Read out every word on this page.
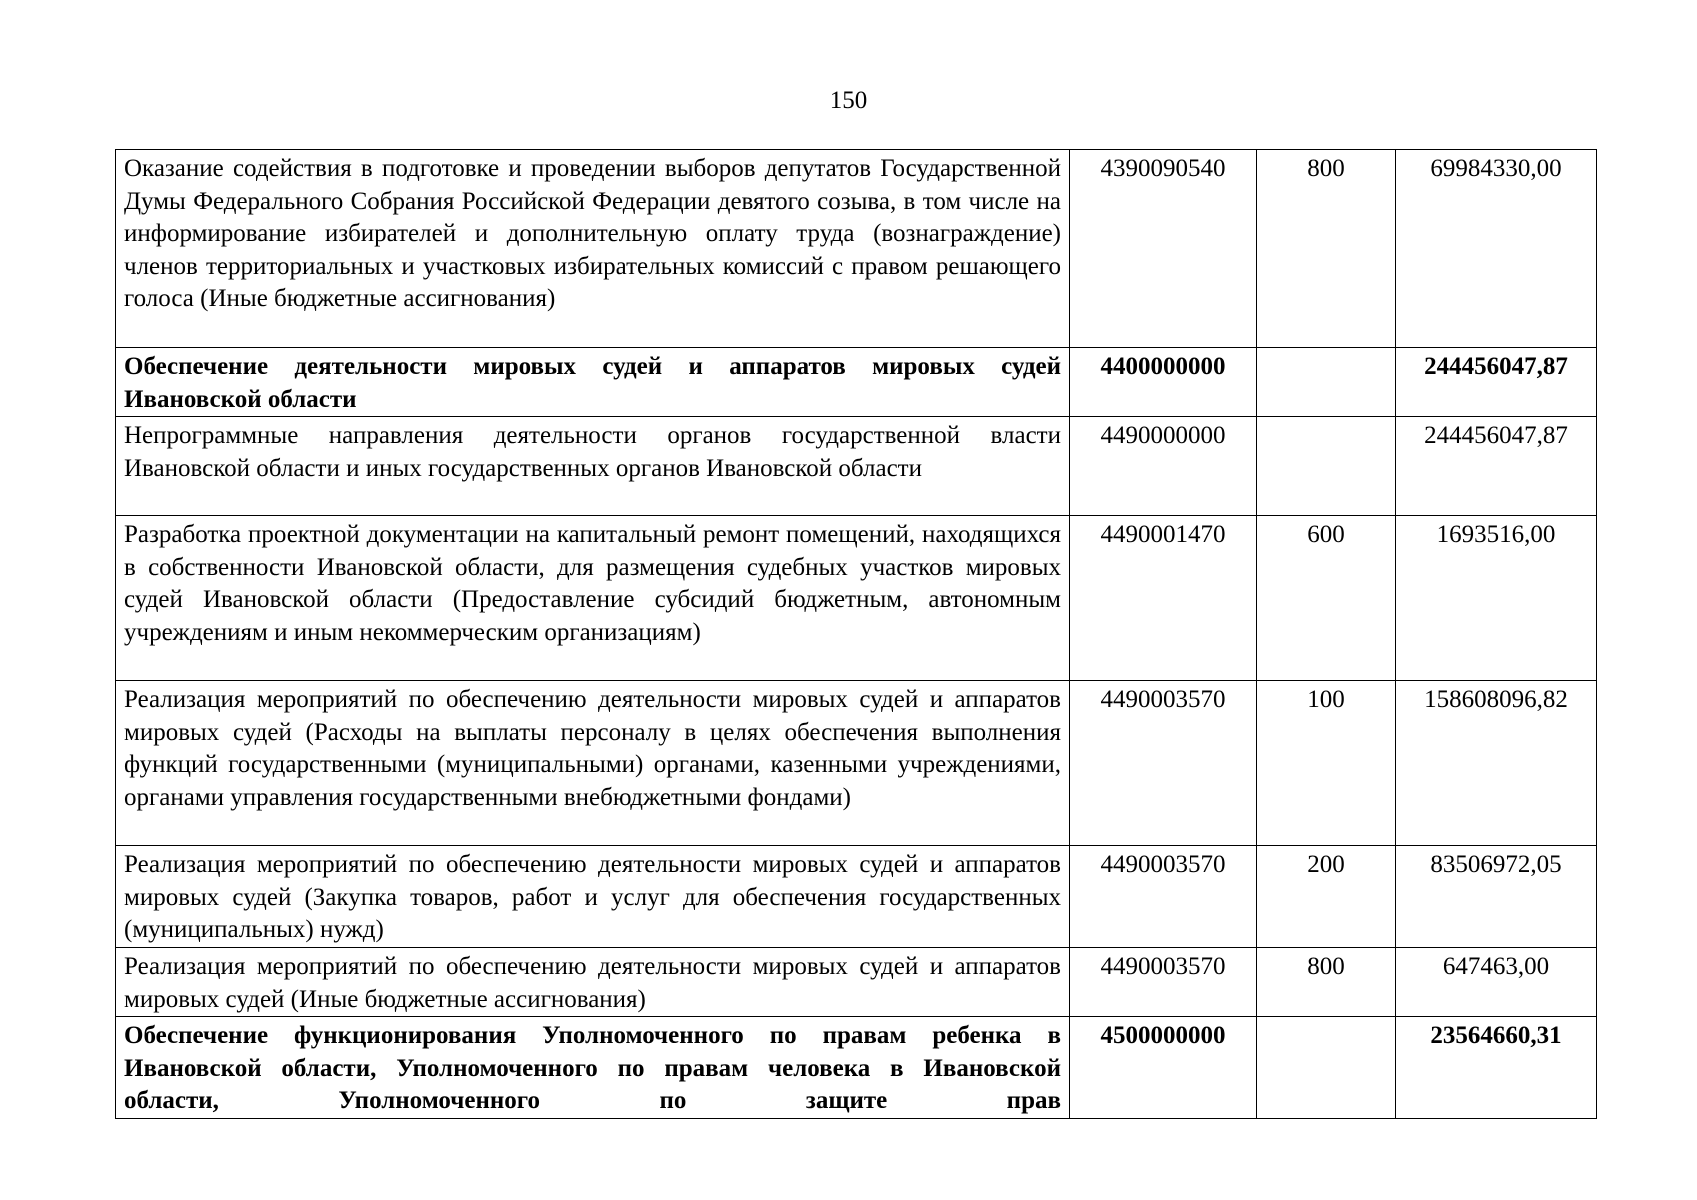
150
Оказание содействия в подготовке и проведении выборов депутатов Государственной Думы Федерального Собрания Российской Федерации девятого созыва, в том числе на информирование избирателей и дополнительную оплату труда (вознаграждение) членов территориальных и участковых избирательных комиссий с правом решающего голоса (Иные бюджетные ассигнования)	4390090540	800	69984330,00
Обеспечение деятельности мировых судей и аппаратов мировых судей Ивановской области	4400000000		244456047,87
Непрограммные направления деятельности органов государственной власти Ивановской области и иных государственных органов Ивановской области	4490000000		244456047,87
Разработка проектной документации на капитальный ремонт помещений, находящихся в собственности Ивановской области, для размещения судебных участков мировых судей Ивановской области (Предоставление субсидий бюджетным, автономным учреждениям и иным некоммерческим организациям)	4490001470	600	1693516,00
Реализация мероприятий по обеспечению деятельности мировых судей и аппаратов мировых судей (Расходы на выплаты персоналу в целях обеспечения выполнения функций государственными (муниципальными) органами, казенными учреждениями, органами управления государственными внебюджетными фондами)	4490003570	100	158608096,82
Реализация мероприятий по обеспечению деятельности мировых судей и аппаратов мировых судей (Закупка товаров, работ и услуг для обеспечения государственных (муниципальных) нужд)	4490003570	200	83506972,05
Реализация мероприятий по обеспечению деятельности мировых судей и аппаратов мировых судей (Иные бюджетные ассигнования)	4490003570	800	647463,00
Обеспечение функционирования Уполномоченного по правам ребенка в Ивановской области, Уполномоченного по правам человека в Ивановской области, Уполномоченного по защите прав	4500000000		23564660,31
